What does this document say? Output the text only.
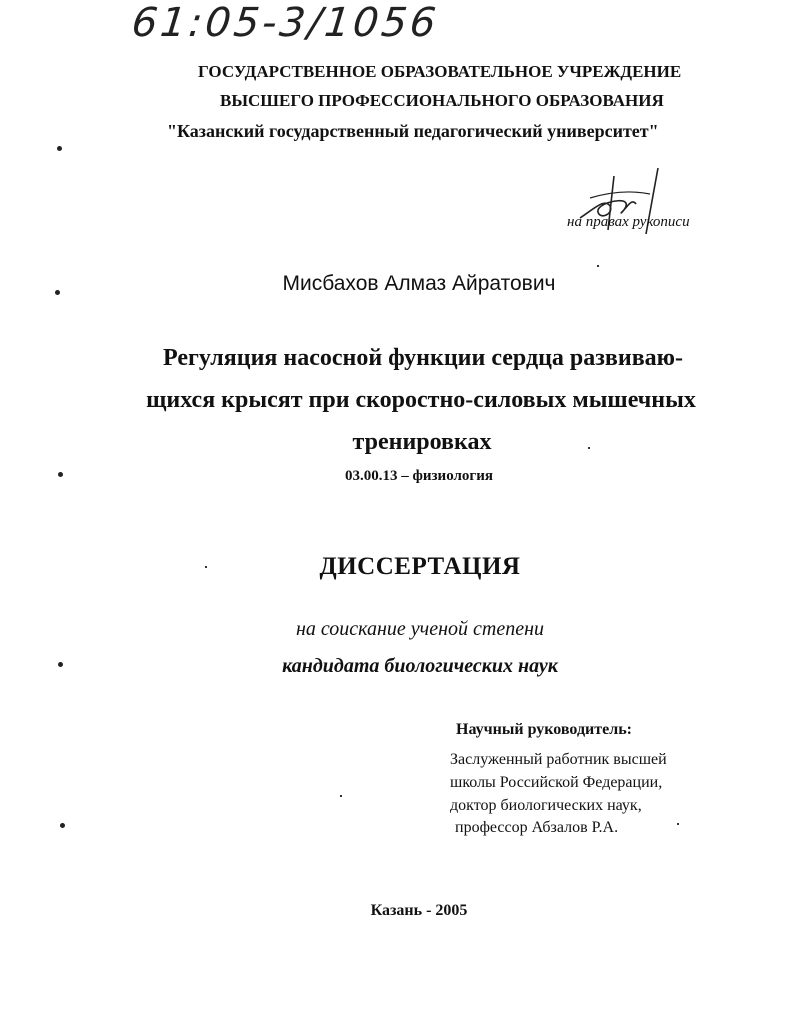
61:05-3/1056
ГОСУДАРСТВЕННОЕ ОБРАЗОВАТЕЛЬНОЕ УЧРЕЖДЕНИЕ
ВЫСШЕГО ПРОФЕССИОНАЛЬНОГО ОБРАЗОВАНИЯ
"Казанский государственный педагогический университет"
на правах рукописи
Мисбахов Алмаз Айратович
Регуляция насосной функции сердца развиваю-
щихся крысят при скоростно-силовых мышечных
тренировках
03.00.13 – физиология
ДИССЕРТАЦИЯ
на соискание ученой степени
кандидата биологических наук
Научный руководитель:
Заслуженный работник высшей
школы Российской Федерации,
доктор биологических наук,
профессор Абзалов Р.А.
Казань - 2005
